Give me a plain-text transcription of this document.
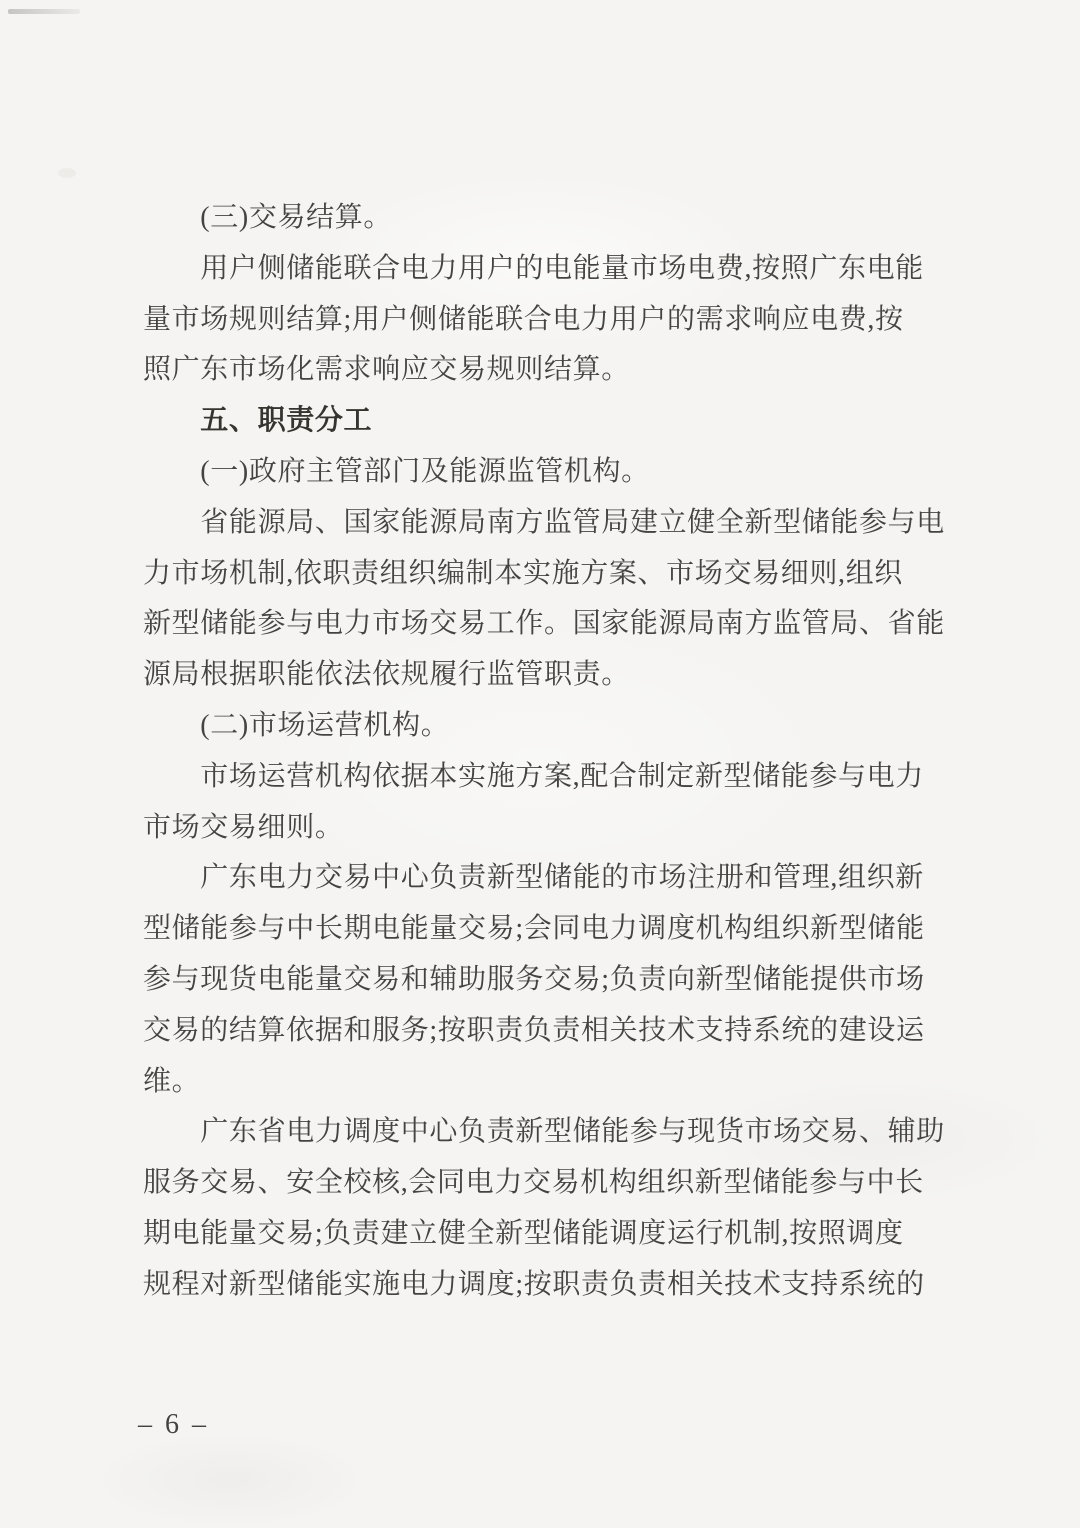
(三)交易结算。
用户侧储能联合电力用户的电能量市场电费,按照广东电能
量市场规则结算;用户侧储能联合电力用户的需求响应电费,按
照广东市场化需求响应交易规则结算。
五、职责分工
(一)政府主管部门及能源监管机构。
省能源局、国家能源局南方监管局建立健全新型储能参与电
力市场机制,依职责组织编制本实施方案、市场交易细则,组织
新型储能参与电力市场交易工作。国家能源局南方监管局、省能
源局根据职能依法依规履行监管职责。
(二)市场运营机构。
市场运营机构依据本实施方案,配合制定新型储能参与电力
市场交易细则。
广东电力交易中心负责新型储能的市场注册和管理,组织新
型储能参与中长期电能量交易;会同电力调度机构组织新型储能
参与现货电能量交易和辅助服务交易;负责向新型储能提供市场
交易的结算依据和服务;按职责负责相关技术支持系统的建设运
维。
广东省电力调度中心负责新型储能参与现货市场交易、辅助
服务交易、安全校核,会同电力交易机构组织新型储能参与中长
期电能量交易;负责建立健全新型储能调度运行机制,按照调度
规程对新型储能实施电力调度;按职责负责相关技术支持系统的
– 6 –
